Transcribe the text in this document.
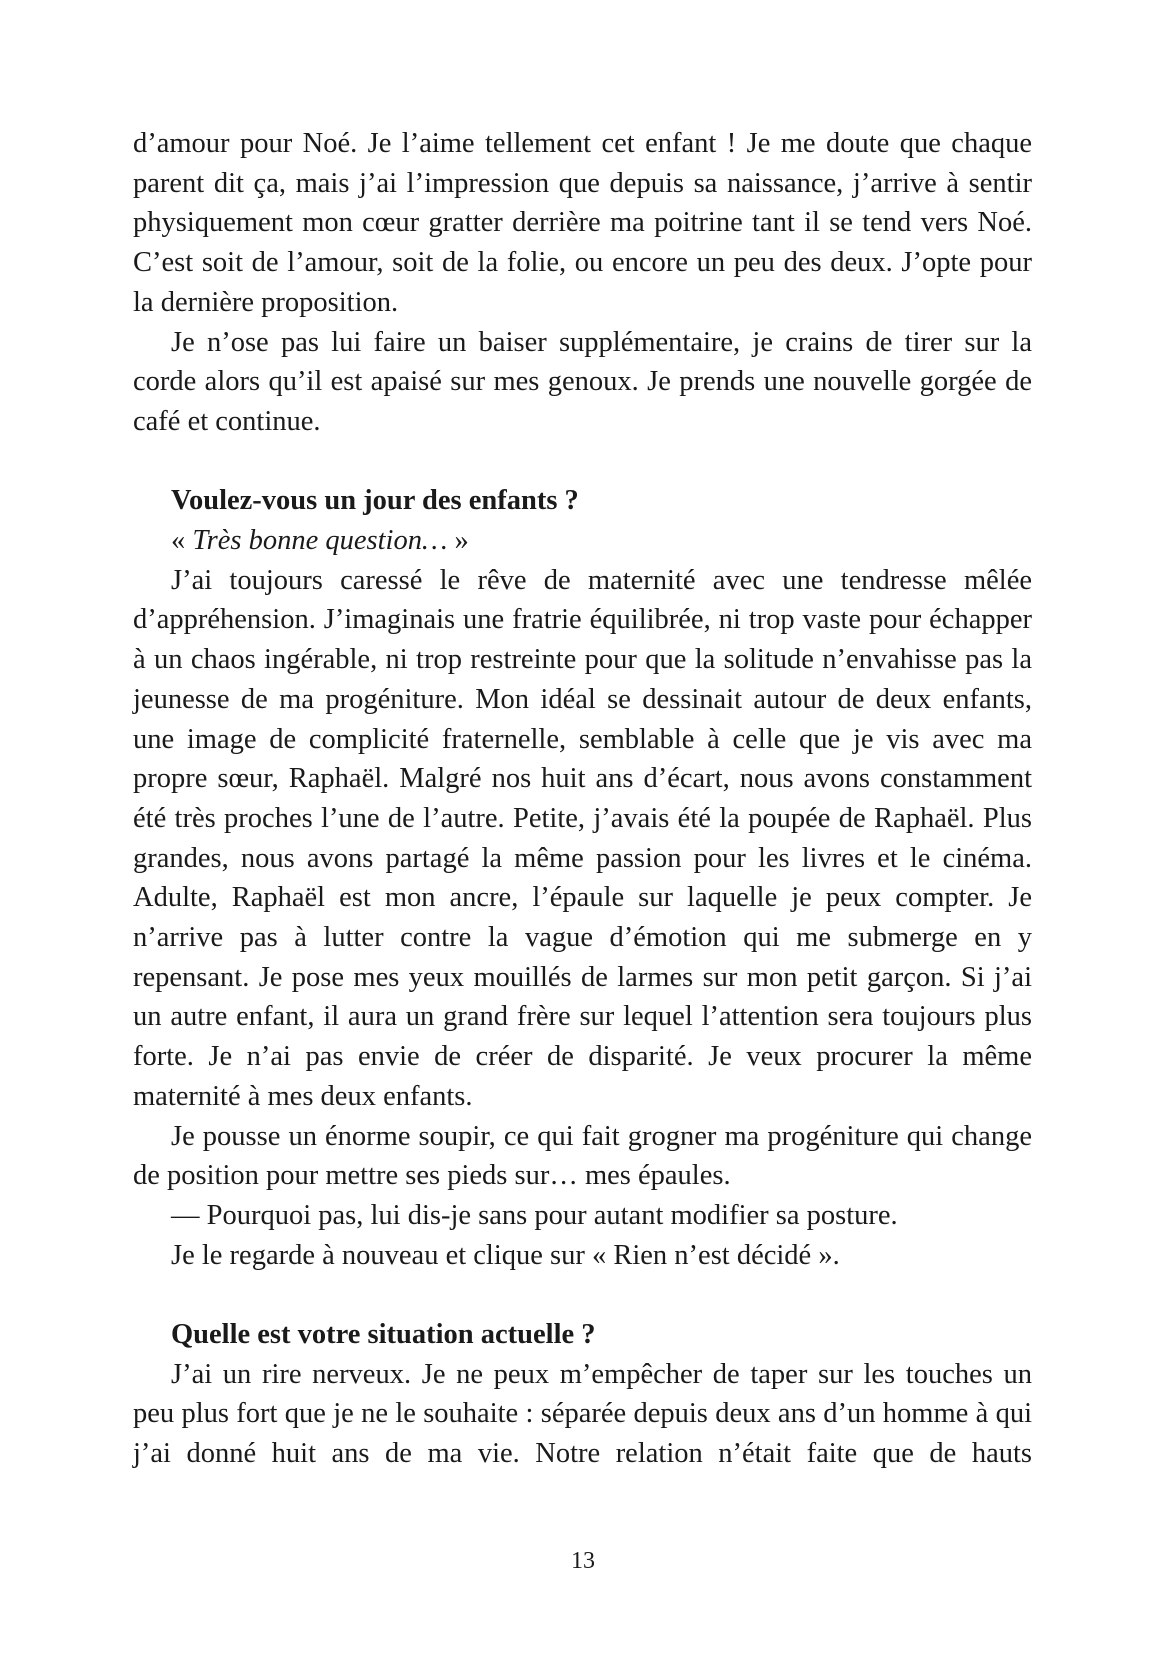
d’amour pour Noé. Je l’aime tellement cet enfant ! Je me doute que chaque parent dit ça, mais j’ai l’impression que depuis sa naissance, j’arrive à sentir physiquement mon cœur gratter derrière ma poitrine tant il se tend vers Noé. C’est soit de l’amour, soit de la folie, ou encore un peu des deux. J’opte pour la dernière proposition.

Je n’ose pas lui faire un baiser supplémentaire, je crains de tirer sur la corde alors qu’il est apaisé sur mes genoux. Je prends une nouvelle gorgée de café et continue.

Voulez-vous un jour des enfants ?
« Très bonne question… »

J’ai toujours caressé le rêve de maternité avec une tendresse mêlée d’appréhension. J’imaginais une fratrie équilibrée, ni trop vaste pour échapper à un chaos ingérable, ni trop restreinte pour que la solitude n’envahisse pas la jeunesse de ma progéniture. Mon idéal se dessinait autour de deux enfants, une image de complicité fraternelle, semblable à celle que je vis avec ma propre sœur, Raphaël. Malgré nos huit ans d’écart, nous avons constamment été très proches l’une de l’autre. Petite, j’avais été la poupée de Raphaël. Plus grandes, nous avons partagé la même passion pour les livres et le cinéma. Adulte, Raphaël est mon ancre, l’épaule sur laquelle je peux compter. Je n’arrive pas à lutter contre la vague d’émotion qui me submerge en y repensant. Je pose mes yeux mouillés de larmes sur mon petit garçon. Si j’ai un autre enfant, il aura un grand frère sur lequel l’attention sera toujours plus forte. Je n’ai pas envie de créer de disparité. Je veux procurer la même maternité à mes deux enfants.

Je pousse un énorme soupir, ce qui fait grogner ma progéniture qui change de position pour mettre ses pieds sur… mes épaules.

— Pourquoi pas, lui dis-je sans pour autant modifier sa posture.

Je le regarde à nouveau et clique sur « Rien n’est décidé ».

Quelle est votre situation actuelle ?

J’ai un rire nerveux. Je ne peux m’empêcher de taper sur les touches un peu plus fort que je ne le souhaite : séparée depuis deux ans d’un homme à qui j’ai donné huit ans de ma vie. Notre relation n’était faite que de hauts

13
